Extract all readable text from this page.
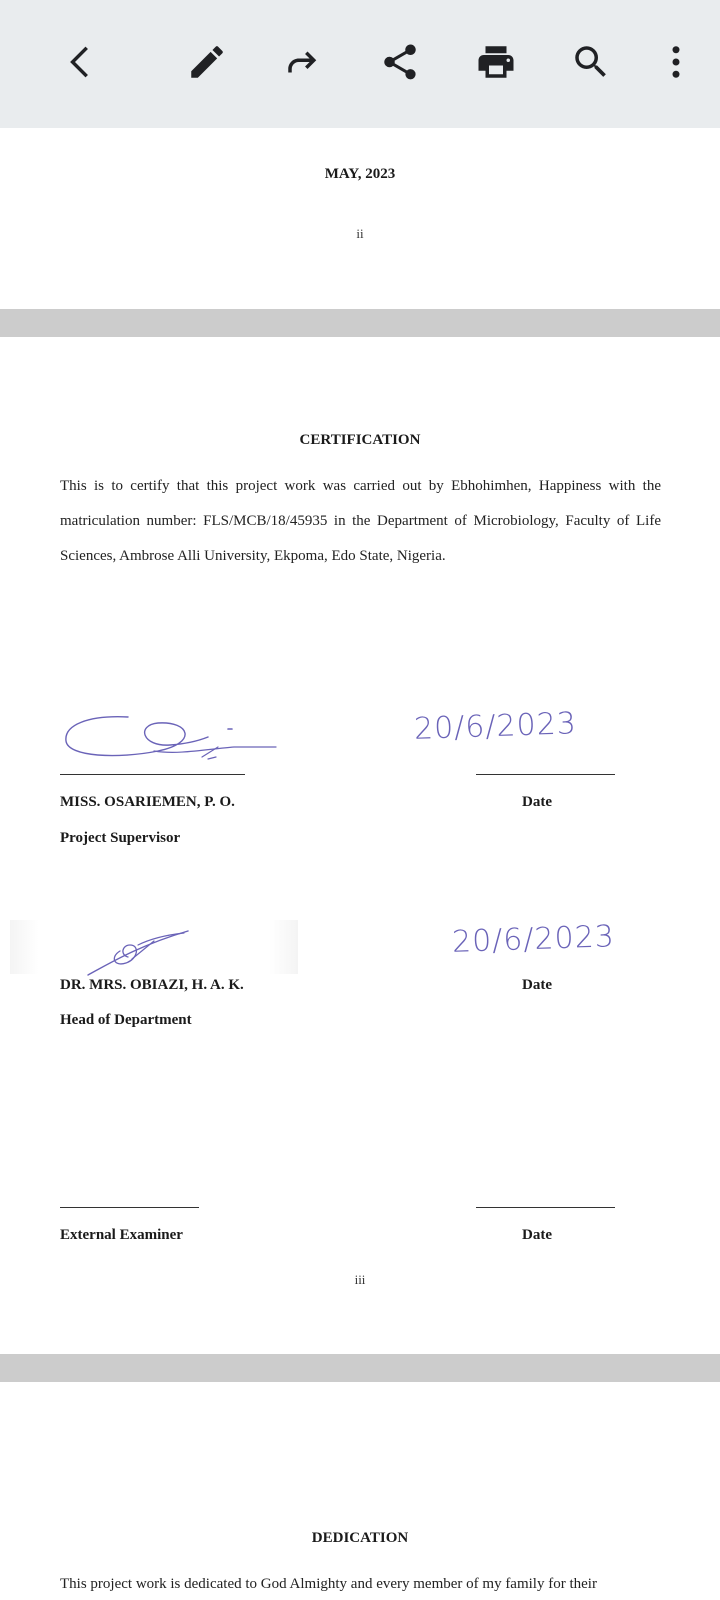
MAY, 2023
ii
CERTIFICATION
This is to certify that this project work was carried out by Ebhohimhen, Happiness with the matriculation number: FLS/MCB/18/45935 in the Department of Microbiology, Faculty of Life Sciences, Ambrose Alli University, Ekpoma, Edo State, Nigeria.
20/6/2023
MISS. OSARIEMEN, P. O.	Date
Project Supervisor
20/6/2023
DR. MRS. OBIAZI, H. A. K.	Date
Head of Department
External Examiner	Date
iii
DEDICATION
This project work is dedicated to God Almighty and every member of my family for their
